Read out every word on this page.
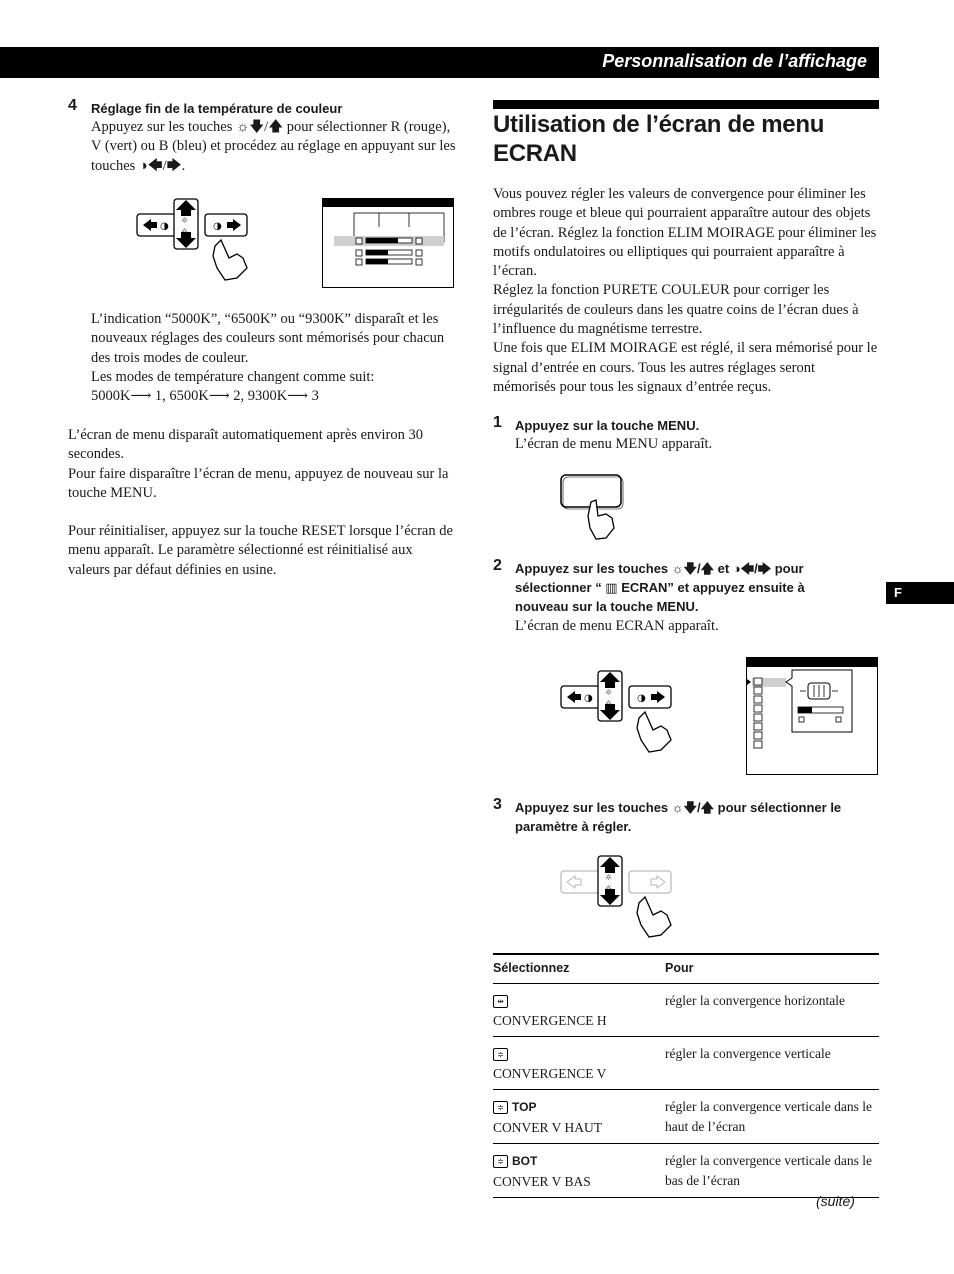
Personnalisation de l’affichage
F
4 Réglage fin de la température de couleur
Appuyez sur les touches ☼🡇/🡅 pour sélectionner R (rouge), V (vert) ou B (bleu) et procédez au réglage en appuyant sur les touches ◑🡄/🡆.
◑	◑
☼
☼
L’indication “5000K”, “6500K” ou “9300K” disparaît et les nouveaux réglages des couleurs sont mémorisés pour chacun des trois modes de couleur.
Les modes de température changent comme suit:
5000K⟶ 1, 6500K⟶ 2, 9300K⟶ 3
L’écran de menu disparaît automatiquement après environ 30 secondes.
Pour faire disparaître l’écran de menu, appuyez de nouveau sur la touche MENU.
Pour réinitialiser, appuyez sur la touche RESET lorsque l’écran de menu apparaît. Le paramètre sélectionné est réinitialisé aux valeurs par défaut définies en usine.
Utilisation de l’écran de menu ECRAN
Vous pouvez régler les valeurs de convergence pour éliminer les ombres rouge et bleue qui pourraient apparaître autour des objets de l’écran. Réglez la fonction ELIM MOIRAGE pour éliminer les motifs ondulatoires ou elliptiques qui pourraient apparaître à l’écran.
Réglez la fonction PURETE COULEUR pour corriger les irrégularités de couleurs dans les quatre coins de l’écran dues à l’influence du magnétisme terrestre.
Une fois que ELIM MOIRAGE est réglé, il sera mémorisé pour le signal d’entrée en cours. Tous les autres réglages seront mémorisés pour tous les signaux d’entrée reçus.
1 Appuyez sur la touche MENU.
L’écran de menu MENU apparaît.
2 Appuyez sur les touches ☼🡇/🡅 et ◑🡄/🡆 pour sélectionner “ ▥ ECRAN” et appuyez ensuite à nouveau sur la touche MENU.
L’écran de menu ECRAN apparaît.
◑	◑
☼
☼
3 Appuyez sur les touches ☼🡇/🡅 pour sélectionner le paramètre à régler.
☼
☼
Sélectionnez	Pour
⇹
CONVERGENCE H	régler la convergence horizontale
≑
CONVERGENCE V	régler la convergence verticale
≑ TOP
CONVER V HAUT	régler la convergence verticale dans le haut de l’écran
≑ BOT
CONVER V BAS	régler la convergence verticale dans le bas de l’écran
(suite)
